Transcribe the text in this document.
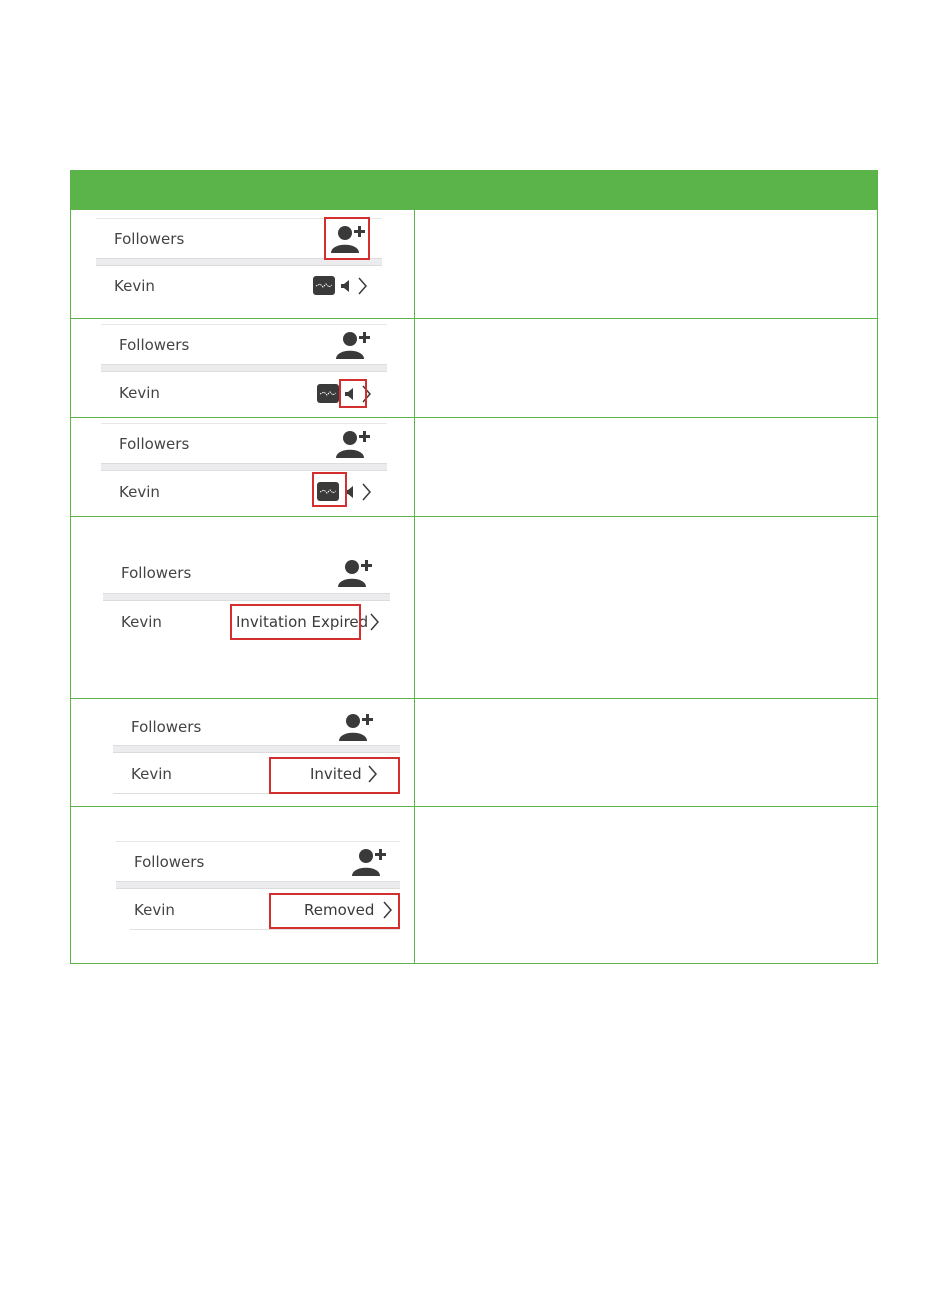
Followers
Kevin
Followers
Kevin
Followers
Kevin
Followers
Kevin	Invitation Expired
Followers
Kevin	Invited
Followers
Kevin	Removed
